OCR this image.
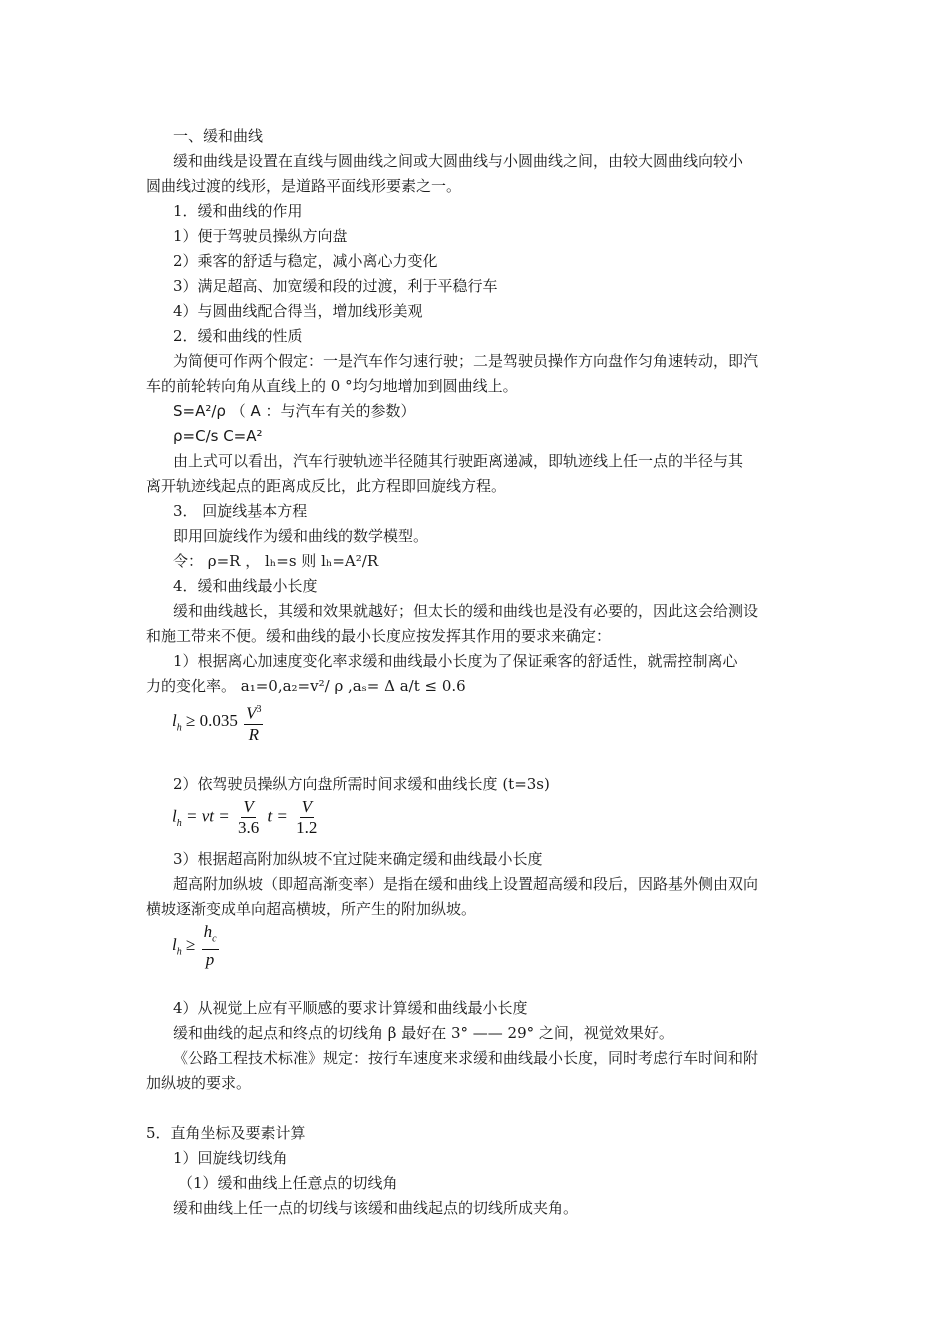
一、缓和曲线
缓和曲线是设置在直线与圆曲线之间或大圆曲线与小圆曲线之间，由较大圆曲线向较小
圆曲线过渡的线形，是道路平面线形要素之一。
1．缓和曲线的作用
1）便于驾驶员操纵方向盘
2）乘客的舒适与稳定，减小离心力变化
3）满足超高、加宽缓和段的过渡，利于平稳行车
4）与圆曲线配合得当，增加线形美观
2．缓和曲线的性质
为简便可作两个假定：一是汽车作匀速行驶；二是驾驶员操作方向盘作匀角速转动，即汽
车的前轮转向角从直线上的 0 °均匀地增加到圆曲线上。
S=A²/ρ （ A ：与汽车有关的参数）
ρ=C/s C=A²
由上式可以看出，汽车行驶轨迹半径随其行驶距离递减，即轨迹线上任一点的半径与其
离开轨迹线起点的距离成反比，此方程即回旋线方程。
3． 回旋线基本方程
即用回旋线作为缓和曲线的数学模型。
令： ρ=R ， lₕ=s 则 lₕ=A²/R
4．缓和曲线最小长度
缓和曲线越长，其缓和效果就越好；但太长的缓和曲线也是没有必要的，因此这会给测设
和施工带来不便。缓和曲线的最小长度应按发挥其作用的要求来确定：
1）根据离心加速度变化率求缓和曲线最小长度为了保证乘客的舒适性，就需控制离心
力的变化率。 a₁=0,a₂=v²/ ρ ,aₛ= Δ a/t ≤ 0.6
$l_h \ge 0.035 \frac{V^3}{R}$
2）依驾驶员操纵方向盘所需时间求缓和曲线长度 (t=3s)
$l_h$ = vt = $\frac{V}{3.6}$ $t = \frac{V}{1.2}$
3）根据超高附加纵坡不宜过陡来确定缓和曲线最小长度
超高附加纵坡（即超高渐变率）是指在缓和曲线上设置超高缓和段后，因路基外侧由双向
横坡逐渐变成单向超高横坡，所产生的附加纵坡。
$l_h \ge \frac{h_c}{p}$
4）从视觉上应有平顺感的要求计算缓和曲线最小长度
缓和曲线的起点和终点的切线角 β 最好在 3° —— 29° 之间，视觉效果好。
《公路工程技术标准》规定：按行车速度来求缓和曲线最小长度，同时考虑行车时间和附
加纵坡的要求。
5．直角坐标及要素计算
1）回旋线切线角
（1）缓和曲线上任意点的切线角
缓和曲线上任一点的切线与该缓和曲线起点的切线所成夹角。
